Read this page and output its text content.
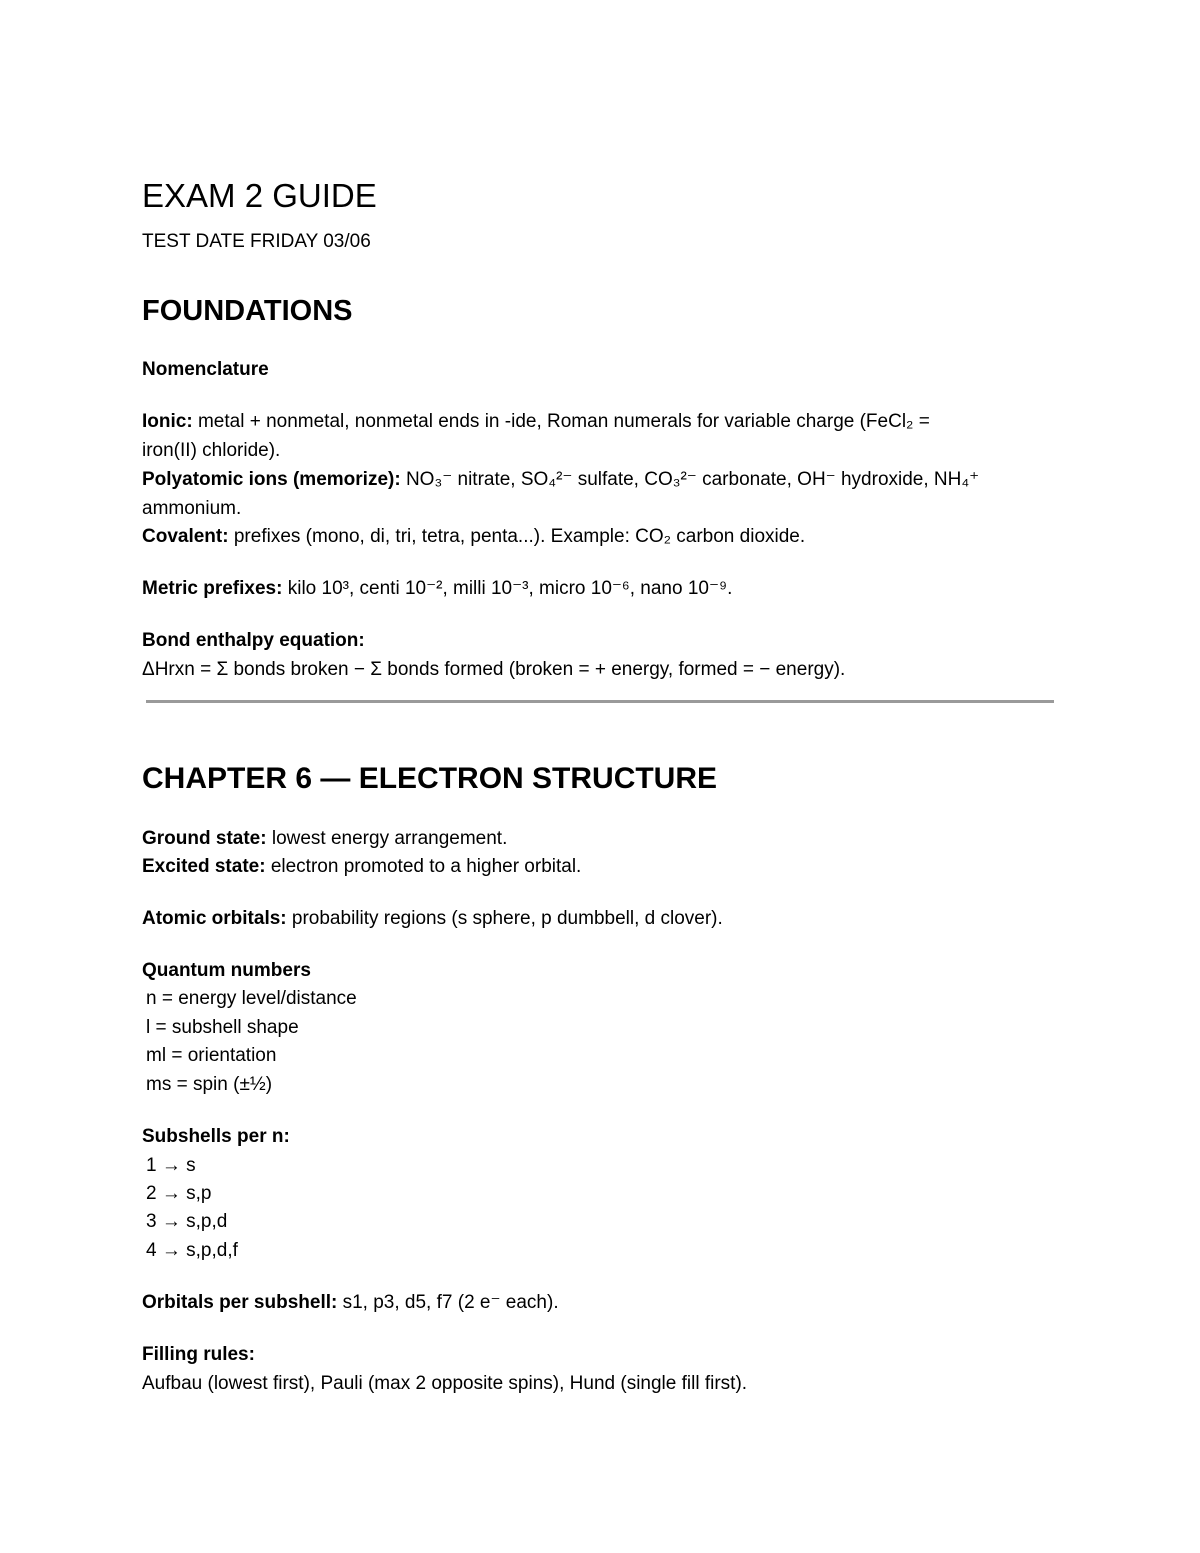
EXAM 2 GUIDE
TEST DATE FRIDAY 03/06
FOUNDATIONS
Nomenclature
Ionic: metal + nonmetal, nonmetal ends in -ide, Roman numerals for variable charge (FeCl₂ =
iron(II) chloride).
Polyatomic ions (memorize): NO₃⁻ nitrate, SO₄²⁻ sulfate, CO₃²⁻ carbonate, OH⁻ hydroxide, NH₄⁺
ammonium.
Covalent: prefixes (mono, di, tri, tetra, penta...). Example: CO₂ carbon dioxide.
Metric prefixes: kilo 10³, centi 10⁻², milli 10⁻³, micro 10⁻⁶, nano 10⁻⁹.
Bond enthalpy equation:
ΔHrxn = Σ bonds broken − Σ bonds formed (broken = + energy, formed = − energy).
CHAPTER 6 — ELECTRON STRUCTURE
Ground state: lowest energy arrangement.
Excited state: electron promoted to a higher orbital.
Atomic orbitals: probability regions (s sphere, p dumbbell, d clover).
Quantum numbers
n = energy level/distance
l = subshell shape
ml = orientation
ms = spin (±½)
Subshells per n:
1 → s
2 → s,p
3 → s,p,d
4 → s,p,d,f
Orbitals per subshell: s1, p3, d5, f7 (2 e⁻ each).
Filling rules:
Aufbau (lowest first), Pauli (max 2 opposite spins), Hund (single fill first).
